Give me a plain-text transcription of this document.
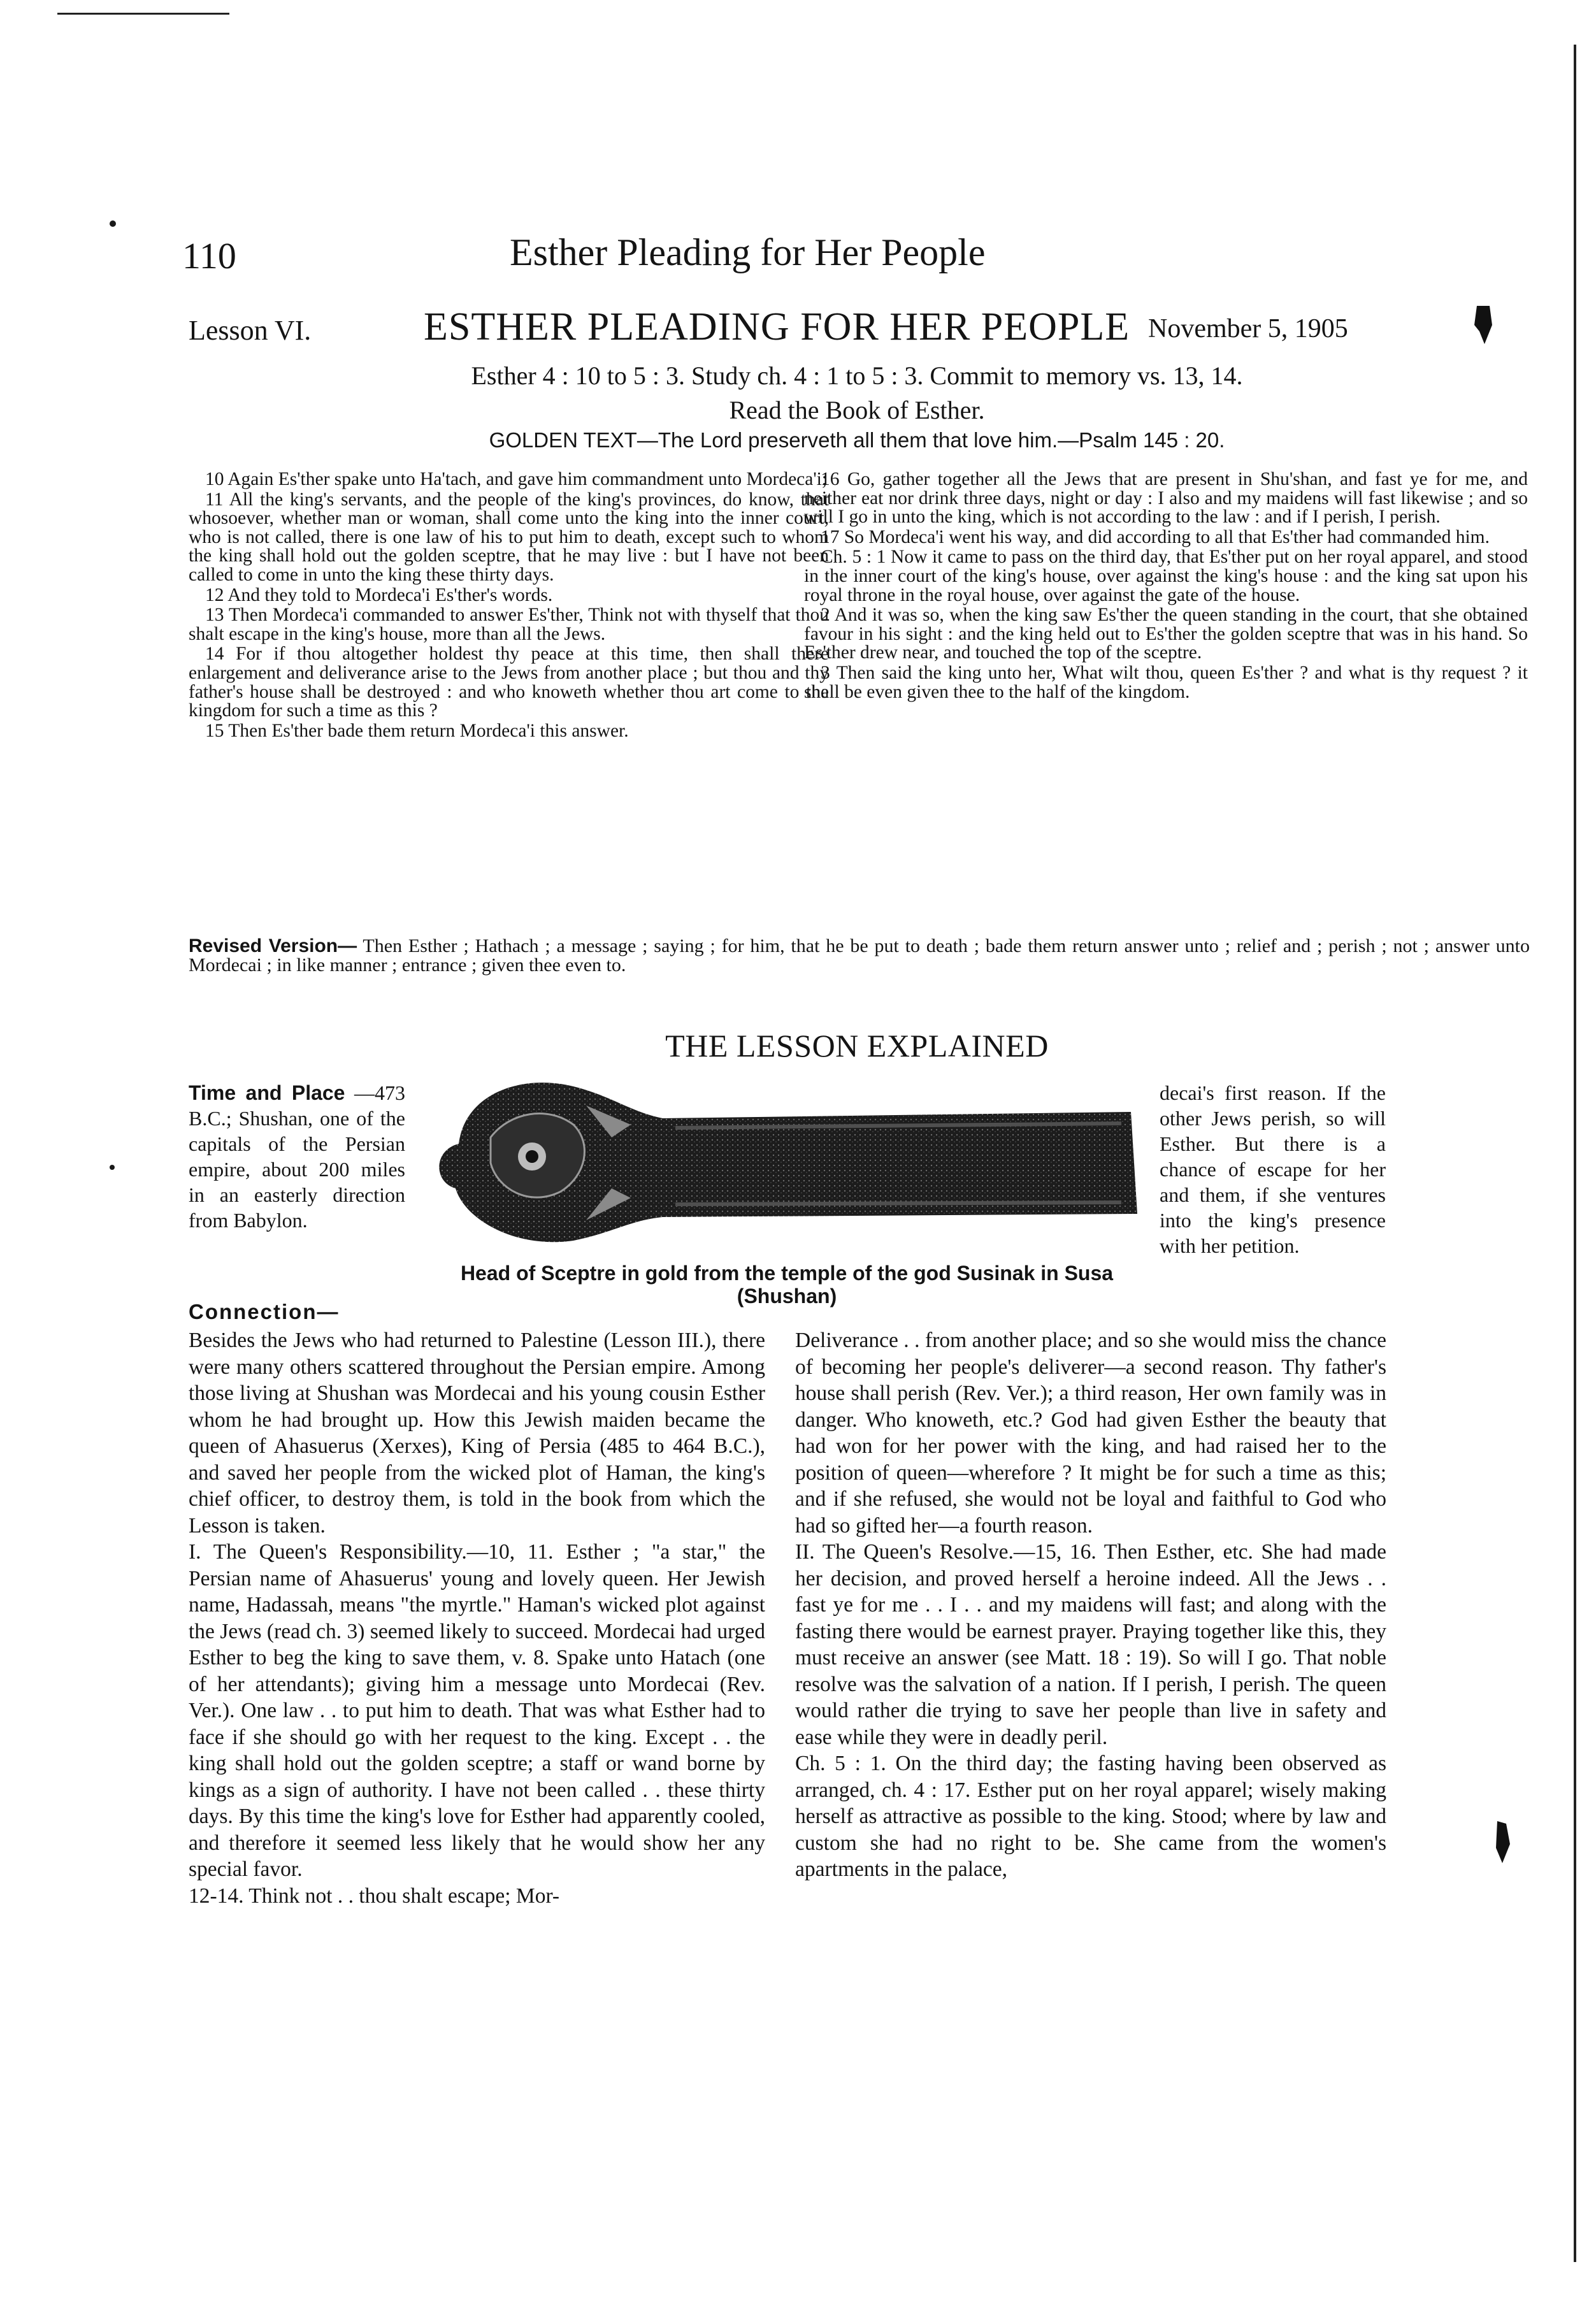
110	Esther Pleading for Her People
Lesson VI.	ESTHER PLEADING FOR HER PEOPLE November 5, 1905
Esther 4 : 10 to 5 : 3. Study ch. 4 : 1 to 5 : 3. Commit to memory vs. 13, 14.
Read the Book of Esther.
GOLDEN TEXT—The Lord preserveth all them that love him.—Psalm 145 : 20.

10 Again Es'ther spake unto Ha'tach, and gave him commandment unto Mordeca'i;

11 All the king's servants, and the people of the king's provinces, do know, that whosoever, whether man or woman, shall come unto the king into the inner court, who is not called, there is one law of his to put him to death, except such to whom the king shall hold out the golden sceptre, that he may live : but I have not been called to come in unto the king these thirty days.

12 And they told to Mordeca'i Es'ther's words.

13 Then Mordeca'i commanded to answer Es'ther, Think not with thyself that thou shalt escape in the king's house, more than all the Jews.

14 For if thou altogether holdest thy peace at this time, then shall there enlargement and deliverance arise to the Jews from another place ; but thou and thy father's house shall be destroyed : and who knoweth whether thou art come to the kingdom for such a time as this ?

15 Then Es'ther bade them return Mordeca'i this answer.

16 Go, gather together all the Jews that are present in Shu'shan, and fast ye for me, and neither eat nor drink three days, night or day : I also and my maidens will fast likewise ; and so will I go in unto the king, which is not according to the law : and if I perish, I perish.

17 So Mordeca'i went his way, and did according to all that Es'ther had commanded him.

Ch. 5 : 1 Now it came to pass on the third day, that Es'ther put on her royal apparel, and stood in the inner court of the king's house, over against the king's house : and the king sat upon his royal throne in the royal house, over against the gate of the house.

2 And it was so, when the king saw Es'ther the queen standing in the court, that she obtained favour in his sight : and the king held out to Es'ther the golden sceptre that was in his hand. So Es'ther drew near, and touched the top of the sceptre.

3 Then said the king unto her, What wilt thou, queen Es'ther ? and what is thy request ? it shall be even given thee to the half of the kingdom.

Revised Version— Then Esther ; Hathach ; a message ; saying ; for him, that he be put to death ; bade them return answer unto ; relief and ; perish ; not ; answer unto Mordecai ; in like manner ; entrance ; given thee even to.
THE LESSON EXPLAINED
Head of Sceptre in gold from the temple of the god Susinak in Susa (Shushan)
Time and Place —473 B.C.; Shushan, one of the capitals of the Persian empire, about 200 miles in an easterly direction from Babylon.
Connection—
decai's first reason. If the other Jews perish, so will Esther. But there is a chance of escape for her and them, if she ventures into the king's presence with her petition.

Besides the Jews who had returned to Palestine (Lesson III.), there were many others scattered throughout the Persian empire. Among those living at Shushan was Mordecai and his young cousin Esther whom he had brought up. How this Jewish maiden became the queen of Ahasuerus (Xerxes), King of Persia (485 to 464 B.C.), and saved her people from the wicked plot of Haman, the king's chief officer, to destroy them, is told in the book from which the Lesson is taken.

I. The Queen's Responsibility.—10, 11. Esther ; "a star," the Persian name of Ahasuerus' young and lovely queen. Her Jewish name, Hadassah, means "the myrtle." Haman's wicked plot against the Jews (read ch. 3) seemed likely to succeed. Mordecai had urged Esther to beg the king to save them, v. 8. Spake unto Hatach (one of her attendants); giving him a message unto Mordecai (Rev. Ver.). One law . . to put him to death. That was what Esther had to face if she should go with her request to the king. Except . . the king shall hold out the golden sceptre; a staff or wand borne by kings as a sign of authority. I have not been called . . these thirty days. By this time the king's love for Esther had apparently cooled, and therefore it seemed less likely that he would show her any special favor.

12-14. Think not . . thou shalt escape; Mor-

Deliverance . . from another place; and so she would miss the chance of becoming her people's deliverer—a second reason. Thy father's house shall perish (Rev. Ver.); a third reason, Her own family was in danger. Who knoweth, etc.? God had given Esther the beauty that had won for her power with the king, and had raised her to the position of queen—wherefore ? It might be for such a time as this; and if she refused, she would not be loyal and faithful to God who had so gifted her—a fourth reason.

II. The Queen's Resolve.—15, 16. Then Esther, etc. She had made her decision, and proved herself a heroine indeed. All the Jews . . fast ye for me . . I . . and my maidens will fast; and along with the fasting there would be earnest prayer. Praying together like this, they must receive an answer (see Matt. 18 : 19). So will I go. That noble resolve was the salvation of a nation. If I perish, I perish. The queen would rather die trying to save her people than live in safety and ease while they were in deadly peril.

Ch. 5 : 1. On the third day; the fasting having been observed as arranged, ch. 4 : 17. Esther put on her royal apparel; wisely making herself as attractive as possible to the king. Stood; where by law and custom she had no right to be. She came from the women's apartments in the palace,
